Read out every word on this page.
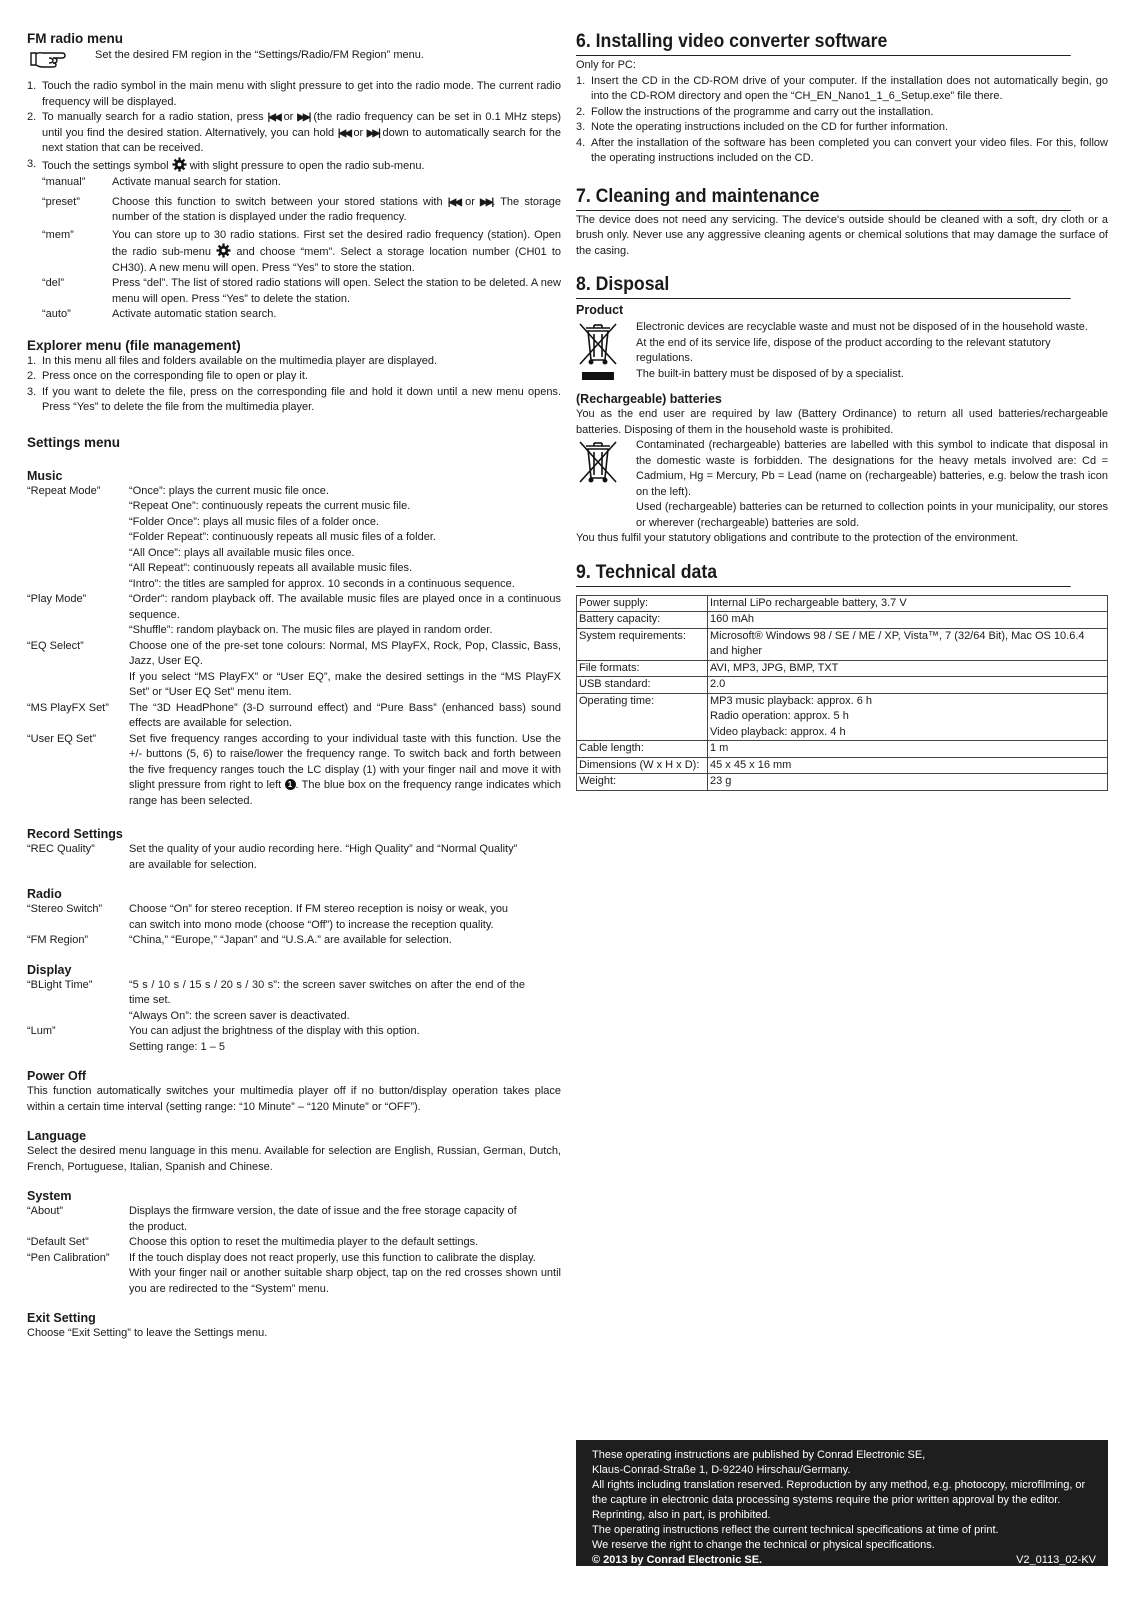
FM radio menu
Set the desired FM region in the “Settings/Radio/FM Region” menu.
1. Touch the radio symbol in the main menu with slight pressure to get into the radio mode. The current radio frequency will be displayed.
2. To manually search for a radio station, press |◀◀ or ▶▶| (the radio frequency can be set in 0.1 MHz steps) until you find the desired station. Alternatively, you can hold |◀◀ or ▶▶| down to automatically search for the next station that can be received.
3. Touch the settings symbol with slight pressure to open the radio sub-menu.
“manual”	Activate manual search for station.
“preset”	Choose this function to switch between your stored stations with |◀◀ or ▶▶|. The storage number of the station is displayed under the radio frequency.
“mem”	You can store up to 30 radio stations. First set the desired radio frequency (station). Open the radio sub-menu and choose “mem”. Select a storage location number (CH01 to CH30). A new menu will open. Press “Yes” to store the station.
“del”	Press “del”. The list of stored radio stations will open. Select the station to be deleted. A new menu will open. Press “Yes” to delete the station.
“auto”	Activate automatic station search.
Explorer menu (file management)
1. In this menu all files and folders available on the multimedia player are displayed.
2. Press once on the corresponding file to open or play it.
3. If you want to delete the file, press on the corresponding file and hold it down until a new menu opens. Press “Yes” to delete the file from the multimedia player.
Settings menu
Music
“Repeat Mode”	“Once”: plays the current music file once.
“Repeat One”: continuously repeats the current music file.
“Folder Once”: plays all music files of a folder once.
“Folder Repeat”: continuously repeats all music files of a folder.
“All Once”: plays all available music files once.
“All Repeat”: continuously repeats all available music files.
“Intro”: the titles are sampled for approx. 10 seconds in a continuous sequence.
“Play Mode”	“Order”: random playback off. The available music files are played once in a continuous sequence.
“Shuffle”: random playback on. The music files are played in random order.
“EQ Select”	Choose one of the pre-set tone colours: Normal, MS PlayFX, Rock, Pop, Classic, Bass, Jazz, User EQ.
If you select “MS PlayFX” or “User EQ”, make the desired settings in the “MS PlayFX Set” or “User EQ Set” menu item.
“MS PlayFX Set”	The “3D HeadPhone” (3-D surround effect) and “Pure Bass” (enhanced bass) sound effects are available for selection.
“User EQ Set”	Set five frequency ranges according to your individual taste with this function. Use the +/- buttons (5, 6) to raise/lower the frequency range. To switch back and forth between the five frequency ranges touch the LC display (1) with your finger nail and move it with slight pressure from right to left 1 . The blue box on the frequency range indicates which range has been selected.
Record Settings
“REC Quality”	Set the quality of your audio recording here. “High Quality” and “Normal Quality” are available for selection.
Radio
“Stereo Switch”	Choose “On” for stereo reception. If FM stereo reception is noisy or weak, you can switch into mono mode (choose “Off”) to increase the reception quality.
“FM Region”	“China,” “Europe,” “Japan” and “U.S.A.” are available for selection.
Display
“BLight Time”	“5 s / 10 s / 15 s / 20 s / 30 s”: the screen saver switches on after the end of the time set.
“Always On”: the screen saver is deactivated.
“Lum”	You can adjust the brightness of the display with this option.
Setting range: 1 – 5
Power Off

This function automatically switches your multimedia player off if no button/display operation takes place within a certain time interval (setting range: “10 Minute” – “120 Minute” or “OFF”).

Language

Select the desired menu language in this menu. Available for selection are English, Russian, German, Dutch, French, Portuguese, Italian, Spanish and Chinese.

System
“About”	Displays the firmware version, the date of issue and the free storage capacity of the product.
“Default Set”	Choose this option to reset the multimedia player to the default settings.
“Pen Calibration”	If the touch display does not react properly, use this function to calibrate the display.
With your finger nail or another suitable sharp object, tap on the red crosses shown until you are redirected to the “System” menu.
Exit Setting

Choose “Exit Setting” to leave the Settings menu.

6. Installing video converter software

Only for PC:

1. Insert the CD in the CD-ROM drive of your computer. If the installation does not automatically begin, go into the CD-ROM directory and open the “CH_EN_Nano1_1_6_Setup.exe” file there.
2. Follow the instructions of the programme and carry out the installation.
3. Note the operating instructions included on the CD for further information.
4. After the installation of the software has been completed you can convert your video files. For this, follow the operating instructions included on the CD.
7. Cleaning and maintenance

The device does not need any servicing. The device's outside should be cleaned with a soft, dry cloth or a brush only. Never use any aggressive cleaning agents or chemical solutions that may damage the surface of the casing.

8. Disposal
Product
Electronic devices are recyclable waste and must not be disposed of in the household waste.
At the end of its service life, dispose of the product according to the relevant statutory regulations.
The built-in battery must be disposed of by a specialist.
(Rechargeable) batteries

You as the end user are required by law (Battery Ordinance) to return all used batteries/rechargeable batteries. Disposing of them in the household waste is prohibited.

Contaminated (rechargeable) batteries are labelled with this symbol to indicate that disposal in the domestic waste is forbidden. The designations for the heavy metals involved are: Cd = Cadmium, Hg = Mercury, Pb = Lead (name on (rechargeable) batteries, e.g. below the trash icon on the left).
Used (rechargeable) batteries can be returned to collection points in your municipality, our stores or wherever (rechargeable) batteries are sold.

You thus fulfil your statutory obligations and contribute to the protection of the environment.

9. Technical data
Power supply:	Internal LiPo rechargeable battery, 3.7 V

Battery capacity:	160 mAh

System requirements:	Microsoft® Windows 98 / SE / ME / XP, Vista™, 7 (32/64 Bit), Mac OS 10.6.4 and higher

File formats:	AVI, MP3, JPG, BMP, TXT

USB standard:	2.0

Operating time:	MP3 music playback: approx. 6 h
Radio operation: approx. 5 h
Video playback: approx. 4 h

Cable length:	1 m

Dimensions (W x H x D):	45 x 45 x 16 mm

Weight:	23 g
These operating instructions are published by Conrad Electronic SE,
Klaus-Conrad-Straße 1, D-92240 Hirschau/Germany.
All rights including translation reserved. Reproduction by any method, e.g. photocopy, microfilming, or the capture in electronic data processing systems require the prior written approval by the editor. Reprinting, also in part, is prohibited.
The operating instructions reflect the current technical specifications at time of print.
We reserve the right to change the technical or physical specifications.
© 2013 by Conrad Electronic SE.	V2_0113_02-KV
